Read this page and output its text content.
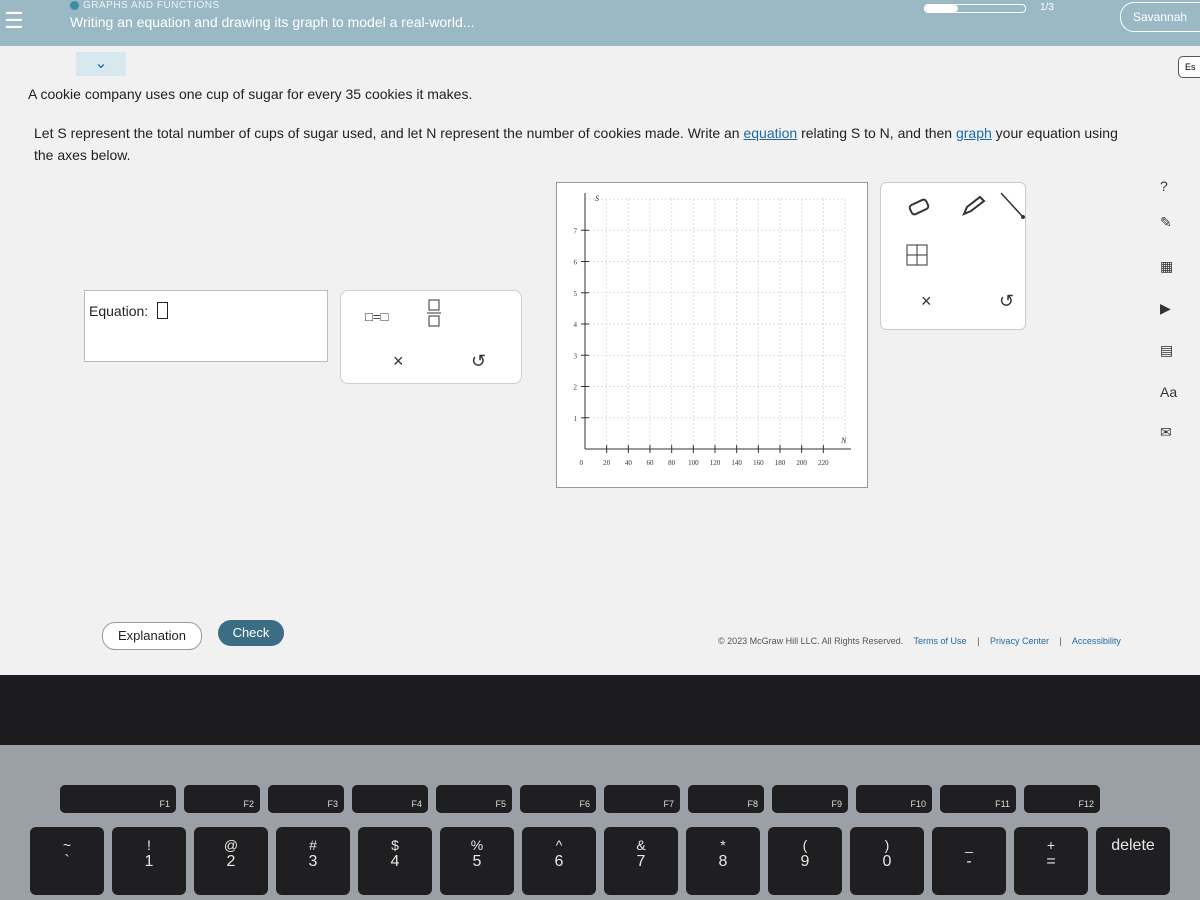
☰
GRAPHS AND FUNCTIONS
Writing an equation and drawing its graph to model a real-world...
1/3
Savannah
⌄	Es
A cookie company uses one cup of sugar for every 35 cookies it makes.
Let S represent the total number of cups of sugar used, and let N represent the number of cookies made. Write an equation relating S to N, and then graph your equation using the axes below.
Equation:	□=□
×	↺
20 40 60 80 100 120 140 160 180 200 220
1
2
3
4
5
6
7
0
S
N
×	↺
?
✎
▦
▶
▤
Aa
✉
Explanation	Check
© 2023 McGraw Hill LLC. All Rights Reserved. Terms of Use | Privacy Center | Accessibility
F1	F2	F3	F4	F5	F6	F7	F8	F9	F10	F11	F12
~
`
!
1
@
2
#
3
$
4
%
5
^
6
&
7
*
8
(
9
)
0
_
-
+
=
delete
